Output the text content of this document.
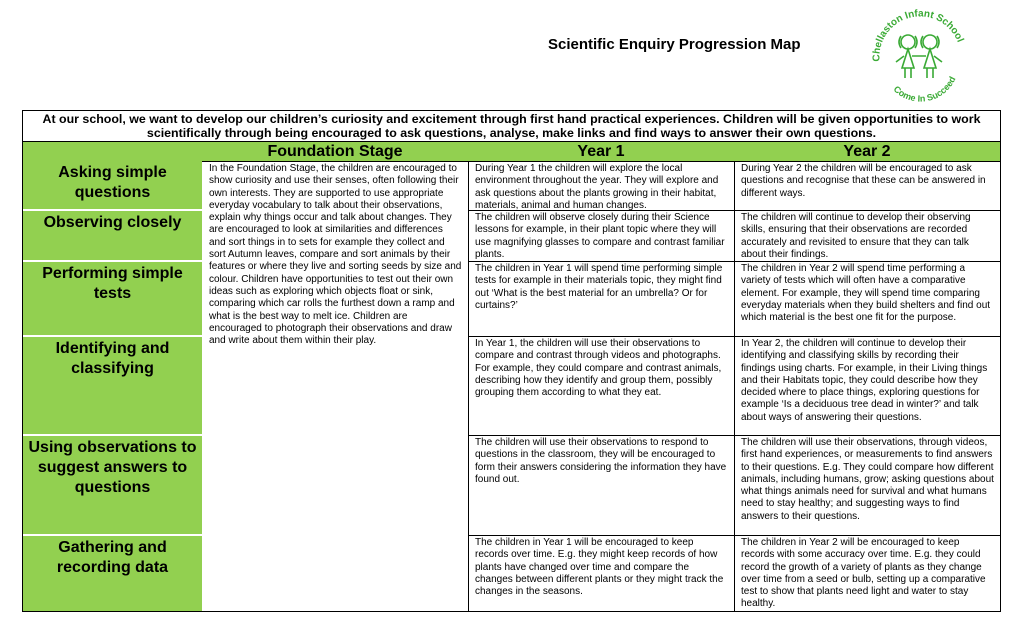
Scientific Enquiry Progression Map
Chellaston Infant School
Come In Succeed
At our school, we want to develop our children’s curiosity and excitement through first hand practical experiences. Children will be given opportunities to work scientifically through being encouraged to ask questions, analyse, make links and find ways to answer their own questions.
Foundation Stage	Year 1	Year 2
Asking simple questions
Observing closely
Performing simple tests
Identifying and classifying
Using observations to suggest answers to questions
Gathering and recording data
In the Foundation Stage, the children are encouraged to show curiosity and use their senses, often following their own interests. They are supported to use appropriate everyday vocabulary to talk about their observations, explain why things occur and talk about changes. They are encouraged to look at similarities and differences and sort things in to sets for example they collect and sort Autumn leaves, compare and sort animals by their features or where they live and sorting seeds by size and colour. Children have opportunities to test out their own ideas such as exploring which objects float or sink, comparing which car rolls the furthest down a ramp and what is the best way to melt ice. Children are encouraged to photograph their observations and draw and write about them within their play.
During Year 1 the children will explore the local environment throughout the year. They will explore and ask questions about the plants growing in their habitat, materials, animal and human changes.
The children will observe closely during their Science lessons for example, in their plant topic where they will use magnifying glasses to compare and contrast familiar plants.
The children in Year 1 will spend time performing simple tests for example in their materials topic, they might find out ‘What is the best material for an umbrella? Or for curtains?’
In Year 1, the children will use their observations to compare and contrast through videos and photographs. For example, they could compare and contrast animals, describing how they identify and group them, possibly grouping them according to what they eat.
The children will use their observations to respond to questions in the classroom, they will be encouraged to form their answers considering the information they have found out.
The children in Year 1 will be encouraged to keep records over time. E.g. they might keep records of how plants have changed over time and compare the changes between different plants or they might track the changes in the seasons.
During Year 2 the children will be encouraged to ask questions and recognise that these can be answered in different ways.
The children will continue to develop their observing skills, ensuring that their observations are recorded accurately and revisited to ensure that they can talk about their findings.
The children in Year 2 will spend time performing a variety of tests which will often have a comparative element. For example, they will spend time comparing everyday materials when they build shelters and find out which material is the best one fit for the purpose.
In Year 2, the children will continue to develop their identifying and classifying skills by recording their findings using charts. For example, in their Living things and their Habitats topic, they could describe how they decided where to place things, exploring questions for example ‘Is a deciduous tree dead in winter?’ and talk about ways of answering their questions.
The children will use their observations, through videos, first hand experiences, or measurements to find answers to their questions. E.g. They could compare how different animals, including humans, grow; asking questions about what things animals need for survival and what humans need to stay healthy; and suggesting ways to find answers to their questions.
The children in Year 2 will be encouraged to keep records with some accuracy over time. E.g. they could record the growth of a variety of plants as they change over time from a seed or bulb, setting up a comparative test to show that plants need light and water to stay healthy.
